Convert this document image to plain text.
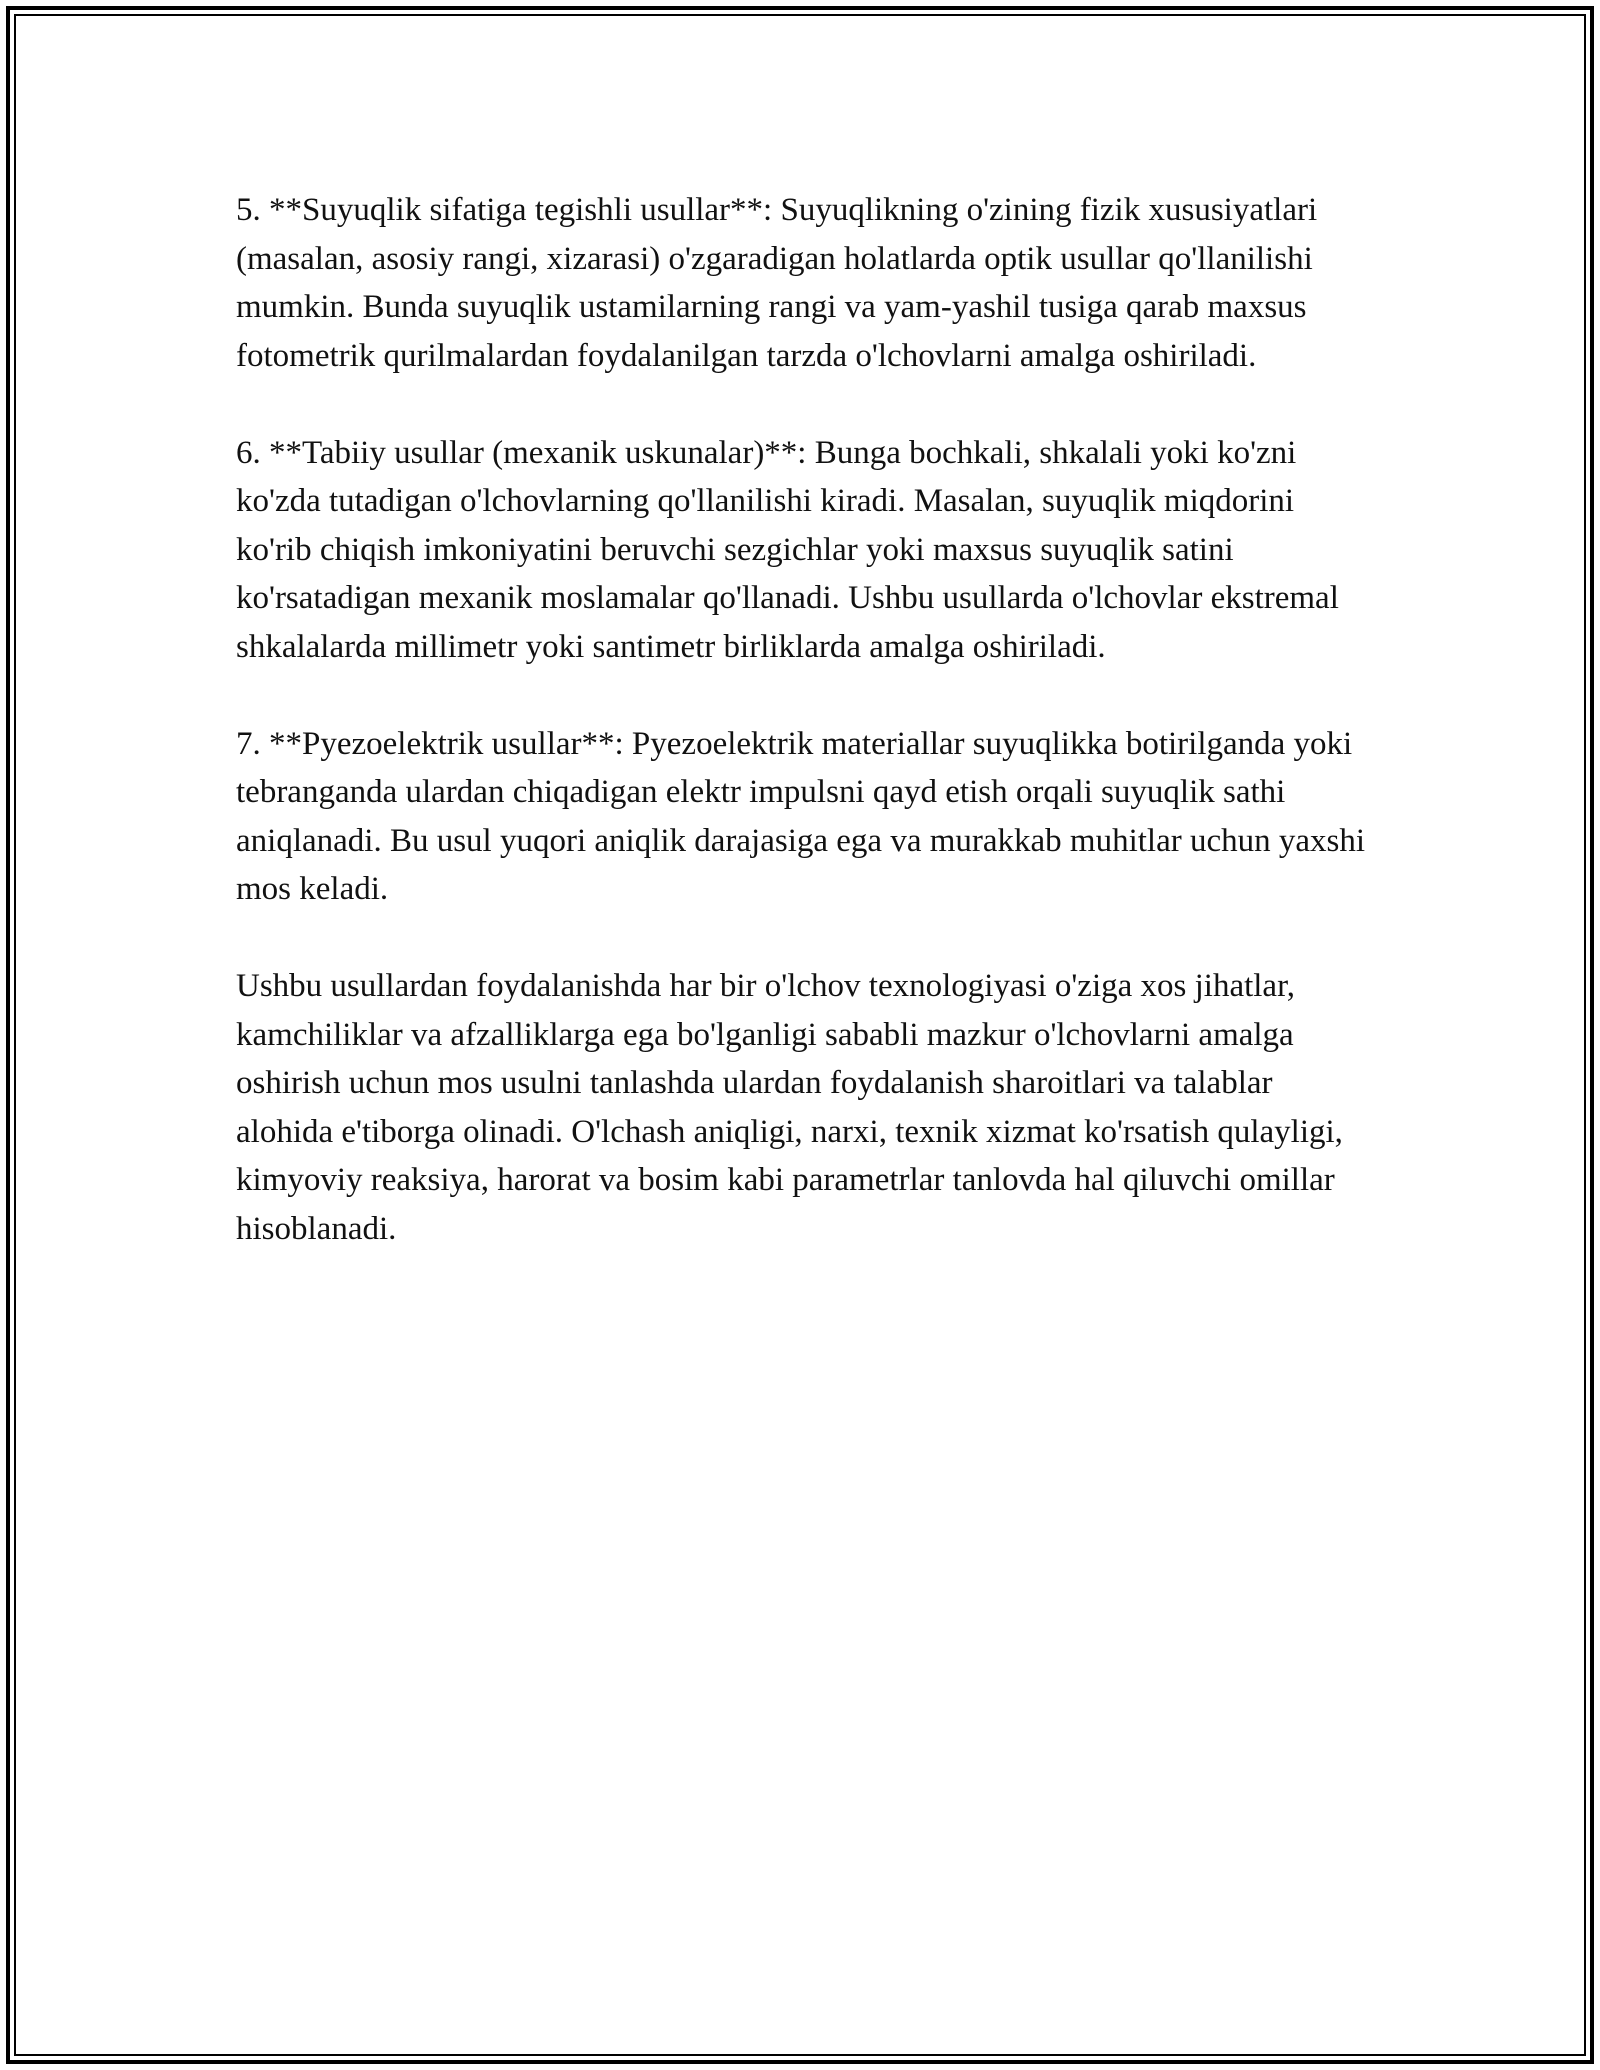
5. **Suyuqlik sifatiga tegishli usullar**: Suyuqlikning o'zining fizik xususiyatlari (masalan, asosiy rangi, xizarasi) o'zgaradigan holatlarda optik usullar qo'llanilishi mumkin. Bunda suyuqlik ustamilarning rangi va yam-yashil tusiga qarab maxsus fotometrik qurilmalardan foydalanilgan tarzda o'lchovlarni amalga oshiriladi.

6. **Tabiiy usullar (mexanik uskunalar)**: Bunga bochkali, shkalali yoki ko'zni ko'zda tutadigan o'lchovlarning qo'llanilishi kiradi. Masalan, suyuqlik miqdorini ko'rib chiqish imkoniyatini beruvchi sezgichlar yoki maxsus suyuqlik satini ko'rsatadigan mexanik moslamalar qo'llanadi. Ushbu usullarda o'lchovlar ekstremal shkalalarda millimetr yoki santimetr birliklarda amalga oshiriladi.

7. **Pyezoelektrik usullar**: Pyezoelektrik materiallar suyuqlikka botirilganda yoki tebranganda ulardan chiqadigan elektr impulsni qayd etish orqali suyuqlik sathi aniqlanadi. Bu usul yuqori aniqlik darajasiga ega va murakkab muhitlar uchun yaxshi mos keladi.

Ushbu usullardan foydalanishda har bir o'lchov texnologiyasi o'ziga xos jihatlar, kamchiliklar va afzalliklarga ega bo'lganligi sababli mazkur o'lchovlarni amalga oshirish uchun mos usulni tanlashda ulardan foydalanish sharoitlari va talablar alohida e'tiborga olinadi. O'lchash aniqligi, narxi, texnik xizmat ko'rsatish qulayligi, kimyoviy reaksiya, harorat va bosim kabi parametrlar tanlovda hal qiluvchi omillar hisoblanadi.
